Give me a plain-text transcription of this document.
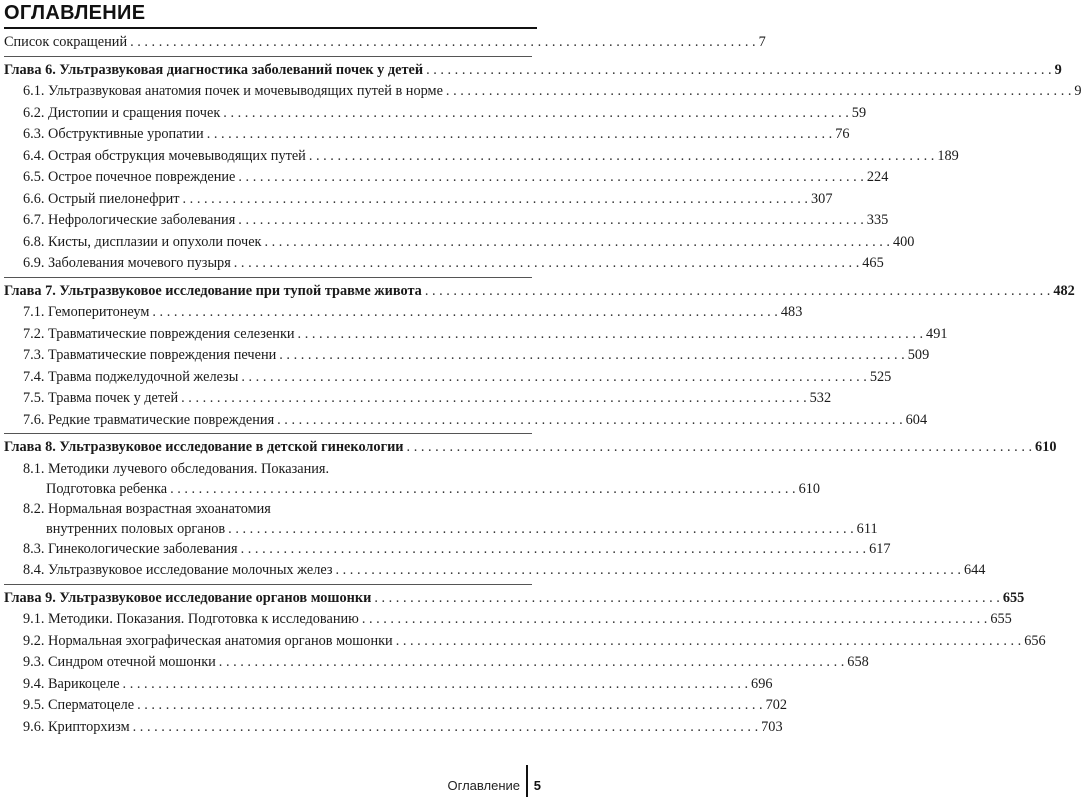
ОГЛАВЛЕНИЕ
Список сокращений . . .	7
Глава 6. Ультразвуковая диагностика заболеваний почек у детей . . .	9
6.1. Ультразвуковая анатомия почек и мочевыводящих путей в норме . . .	9
6.2. Дистопии и сращения почек . . .	59
6.3. Обструктивные уропатии . . .	76
6.4. Острая обструкция мочевыводящих путей . . .	189
6.5. Острое почечное повреждение . . .	224
6.6. Острый пиелонефрит . . .	307
6.7. Нефрологические заболевания . . .	335
6.8. Кисты, дисплазии и опухоли почек . . .	400
6.9. Заболевания мочевого пузыря . . .	465
Глава 7. Ультразвуковое исследование при тупой травме живота . . .	482
7.1. Гемоперитонеум . . .	483
7.2. Травматические повреждения селезенки . . .	491
7.3. Травматические повреждения печени . . .	509
7.4. Травма поджелудочной железы . . .	525
7.5. Травма почек у детей . . .	532
7.6. Редкие травматические повреждения . . .	604
Глава 8. Ультразвуковое исследование в детской гинекологии . . .	610
8.1. Методики лучевого обследования. Показания.
Подготовка ребенка . . .	610
8.2. Нормальная возрастная эхоанатомия
внутренних половых органов . . .	611
8.3. Гинекологические заболевания . . .	617
8.4. Ультразвуковое исследование молочных желез . . .	644
Глава 9. Ультразвуковое исследование органов мошонки . . .	655
9.1. Методики. Показания. Подготовка к исследованию . . .	655
9.2. Нормальная эхографическая анатомия органов мошонки . . .	656
9.3. Синдром отечной мошонки . . .	658
9.4. Варикоцеле . . .	696
9.5. Сперматоцеле . . .	702
9.6. Крипторхизм . . .	703
Оглавление 5
